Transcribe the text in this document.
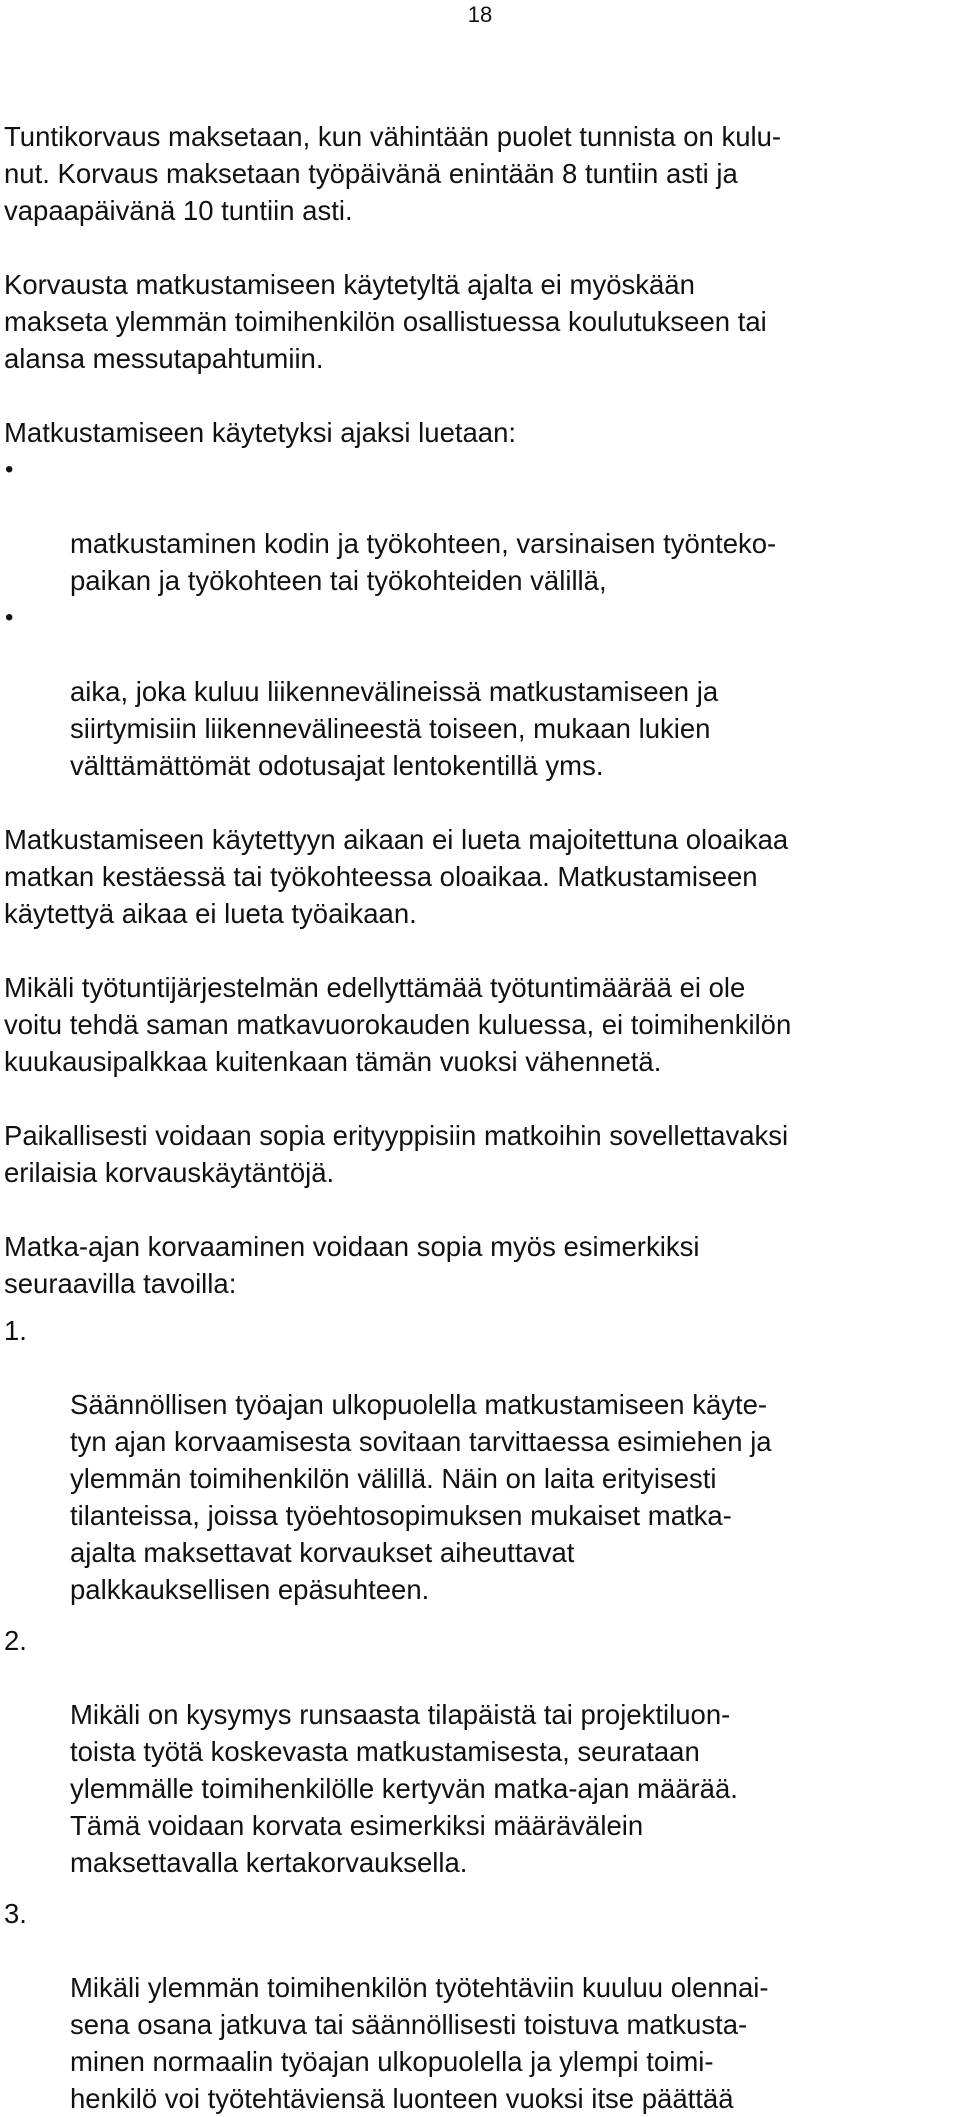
18

Tuntikorvaus maksetaan, kun vähintään puolet tunnista on kulu-
nut. Korvaus maksetaan työpäivänä enintään 8 tuntiin asti ja
vapaapäivänä 10 tuntiin asti.

Korvausta matkustamiseen käytetyltä ajalta ei myöskään
makseta ylemmän toimihenkilön osallistuessa koulutukseen tai
alansa messutapahtumiin.

Matkustamiseen käytetyksi ajaksi luetaan:

•

matkustaminen kodin ja työkohteen, varsinaisen työnteko-
paikan ja työkohteen tai työkohteiden välillä,

•

aika, joka kuluu liikennevälineissä matkustamiseen ja
siirtymisiin liikennevälineestä toiseen, mukaan lukien
välttämättömät odotusajat lentokentillä yms.

Matkustamiseen käytettyyn aikaan ei lueta majoitettuna oloaikaa
matkan kestäessä tai työkohteessa oloaikaa. Matkustamiseen
käytettyä aikaa ei lueta työaikaan.

Mikäli työtuntijärjestelmän edellyttämää työtuntimäärää ei ole
voitu tehdä saman matkavuorokauden kuluessa, ei toimihenkilön
kuukausipalkkaa kuitenkaan tämän vuoksi vähennetä.

Paikallisesti voidaan sopia erityyppisiin matkoihin sovellettavaksi
erilaisia korvauskäytäntöjä.

Matka-ajan korvaaminen voidaan sopia myös esimerkiksi
seuraavilla tavoilla:

1.

Säännöllisen työajan ulkopuolella matkustamiseen käyte-
tyn ajan korvaamisesta sovitaan tarvittaessa esimiehen ja
ylemmän toimihenkilön välillä. Näin on laita erityisesti
tilanteissa, joissa työehtosopimuksen mukaiset matka-
ajalta maksettavat korvaukset aiheuttavat
palkkauksellisen epäsuhteen.

2.

Mikäli on kysymys runsaasta tilapäistä tai projektiluon-
toista työtä koskevasta matkustamisesta, seurataan
ylemmälle toimihenkilölle kertyvän matka-ajan määrää.
Tämä voidaan korvata esimerkiksi määrävälein
maksettavalla kertakorvauksella.

3.

Mikäli ylemmän toimihenkilön työtehtäviin kuuluu olennai-
sena osana jatkuva tai säännöllisesti toistuva matkusta-
minen normaalin työajan ulkopuolella ja ylempi toimi-
henkilö voi työtehtäviensä luonteen vuoksi itse päättää
